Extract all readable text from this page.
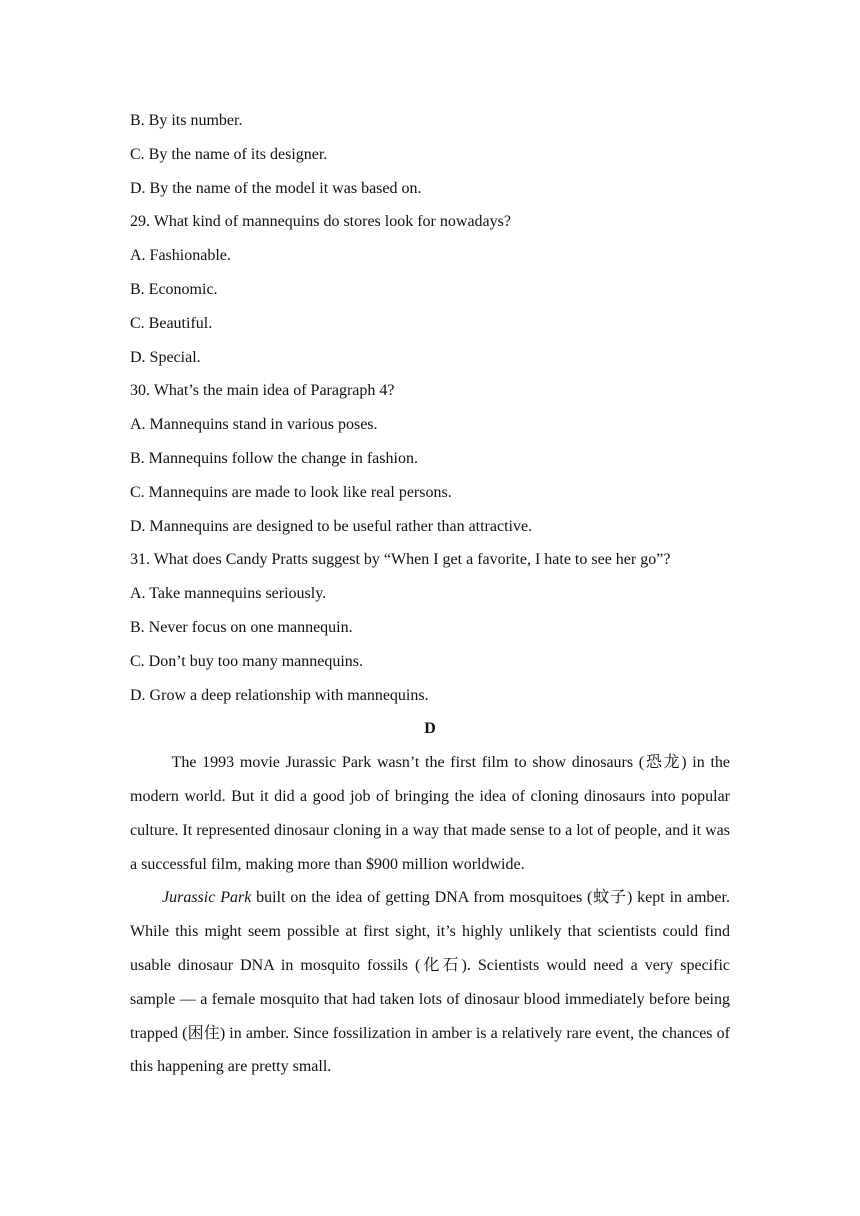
B. By its number.
C. By the name of its designer.
D. By the name of the model it was based on.
29. What kind of mannequins do stores look for nowadays?
A. Fashionable.
B. Economic.
C. Beautiful.
D. Special.
30. What’s the main idea of Paragraph 4?
A. Mannequins stand in various poses.
B. Mannequins follow the change in fashion.
C. Mannequins are made to look like real persons.
D. Mannequins are designed to be useful rather than attractive.
31. What does Candy Pratts suggest by “When I get a favorite, I hate to see her go”?
A. Take mannequins seriously.
B. Never focus on one mannequin.
C. Don’t buy too many mannequins.
D. Grow a deep relationship with mannequins.
D

The 1993 movie Jurassic Park wasn’t the first film to show dinosaurs (恐龙) in the modern world. But it did a good job of bringing the idea of cloning dinosaurs into popular culture. It represented dinosaur cloning in a way that made sense to a lot of people, and it was a successful film, making more than $900 million worldwide.

Jurassic Park built on the idea of getting DNA from mosquitoes (蚊子) kept in amber. While this might seem possible at first sight, it’s highly unlikely that scientists could find usable dinosaur DNA in mosquito fossils (化石). Scientists would need a very specific sample — a female mosquito that had taken lots of dinosaur blood immediately before being trapped (困住) in amber. Since fossilization in amber is a relatively rare event, the chances of this happening are pretty small.
